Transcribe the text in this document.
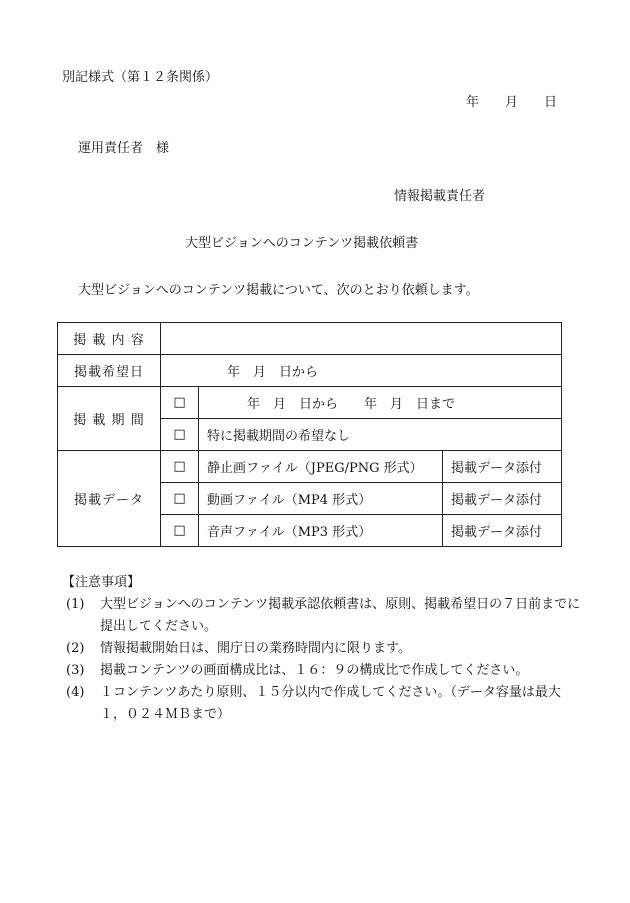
別記様式（第１２条関係）
年　　月　　日
運用責任者　様
情報掲載責任者
大型ビジョンへのコンテンツ掲載依頼書
大型ビジョンへのコンテンツ掲載について、次のとおり依頼します。
掲 載 内 容			
掲載希望日	年　月　日から		
掲 載 期 間	□	年　月　日から　　年　月　日まで	
	□	特に掲載期間の希望なし	
掲載データ	□	静止画ファイル（JPEG/PNG 形式）	掲載データ添付
	□	動画ファイル（MP4 形式）	掲載データ添付
	□	音声ファイル（MP3 形式）	掲載データ添付
【注意事項】
(1)	大型ビジョンへのコンテンツ掲載承認依頼書は、原則、掲載希望日の７日前までに提出してください。
(2)	情報掲載開始日は、開庁日の業務時間内に限ります。
(3)	掲載コンテンツの画面構成比は、１６：９の構成比で作成してください。
(4)	１コンテンツあたり原則、１５分以内で作成してください。（データ容量は最大１，０２４ＭＢまで）
